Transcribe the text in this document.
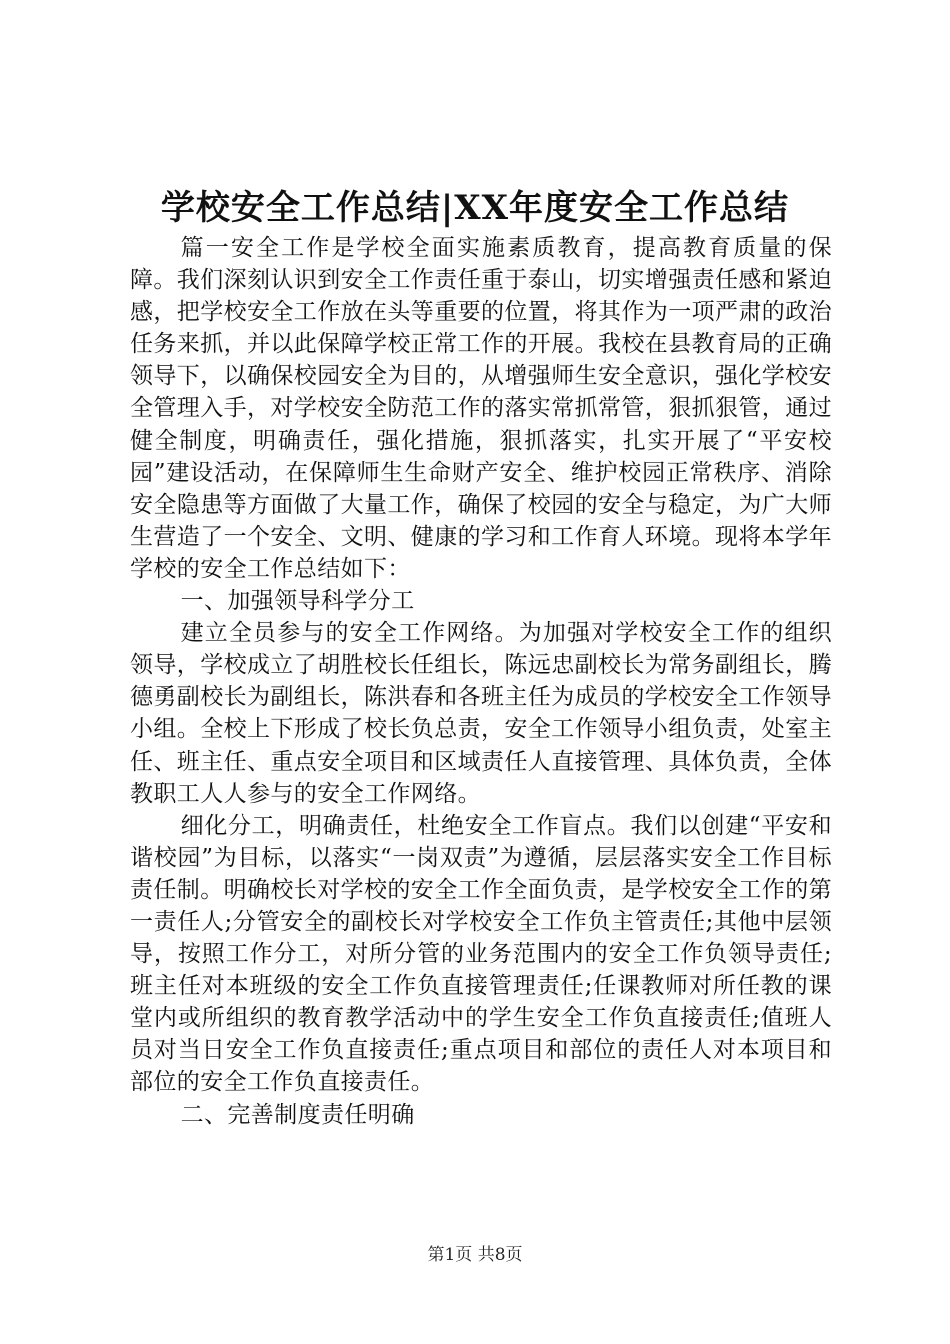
学校安全工作总结|XX年度安全工作总结

篇一安全工作是学校全面实施素质教育，提高教育质量的保障。我们深刻认识到安全工作责任重于泰山，切实增强责任感和紧迫感，把学校安全工作放在头等重要的位置，将其作为一项严肃的政治任务来抓，并以此保障学校正常工作的开展。我校在县教育局的正确领导下，以确保校园安全为目的，从增强师生安全意识，强化学校安全管理入手，对学校安全防范工作的落实常抓常管，狠抓狠管，通过健全制度，明确责任，强化措施，狠抓落实，扎实开展了“平安校园”建设活动，在保障师生生命财产安全、维护校园正常秩序、消除安全隐患等方面做了大量工作，确保了校园的安全与稳定，为广大师生营造了一个安全、文明、健康的学习和工作育人环境。现将本学年学校的安全工作总结如下：

一、加强领导科学分工

建立全员参与的安全工作网络。为加强对学校安全工作的组织领导，学校成立了胡胜校长任组长，陈远忠副校长为常务副组长，腾德勇副校长为副组长，陈洪春和各班主任为成员的学校安全工作领导小组。全校上下形成了校长负总责，安全工作领导小组负责，处室主任、班主任、重点安全项目和区域责任人直接管理、具体负责，全体教职工人人参与的安全工作网络。

细化分工，明确责任，杜绝安全工作盲点。我们以创建“平安和谐校园”为目标，以落实“一岗双责”为遵循，层层落实安全工作目标责任制。明确校长对学校的安全工作全面负责，是学校安全工作的第一责任人;分管安全的副校长对学校安全工作负主管责任;其他中层领导，按照工作分工，对所分管的业务范围内的安全工作负领导责任;班主任对本班级的安全工作负直接管理责任;任课教师对所任教的课堂内或所组织的教育教学活动中的学生安全工作负直接责任;值班人员对当日安全工作负直接责任;重点项目和部位的责任人对本项目和部位的安全工作负直接责任。

二、完善制度责任明确

第1页 共8页
